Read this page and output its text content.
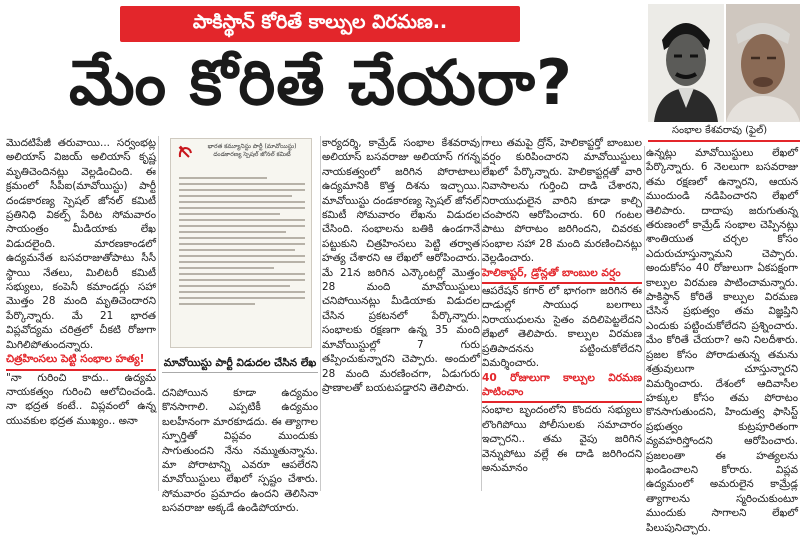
పాకిస్థాన్ కోరితే కాల్పుల విరమణ..
మేం కోరితే చేయరా?
సంభాల కేశవరావు (ఫైల్)

మొదటిపేజీ తరువాయి... సర్వంభట్ల అలియాస్ విజయ్ అలియాస్ కృష్ణ మృతిచెందినట్లు వెల్లడించింది. ఈ క్రమంలో సీపీఐ(మావోయిస్టు) పార్టీ దండకారణ్య స్పెషల్ జోనల్ కమిటీ ప్రతినిధి వికల్ప్ పేరిట సోమవారం సాయంత్రం మీడియాకు లేఖ విడుదలైంది. మారణకాండలో ఉద్యమనేత బసవరాజుతోపాటు సీసీ స్థాయి నేతలు, మిలిటరీ కమిటీ సభ్యులు, కంపెనీ కమాండర్లు సహా మొత్తం 28 మంది మృతిచెందారని పేర్కొన్నారు. మే 21 భారత విప్లవోద్యమ చరిత్రలో చీకటి రోజుగా మిగిలిపోతుందన్నారు.

చిత్రహింసలు పెట్టి సంభాల హత్య!

"నా గురించి కాదు.. ఉద్యమ నాయకత్వం గురించి ఆలోచించండి. నా భద్రత కంటే.. విప్లవంలో ఉన్న యువకుల భద్రత ముఖ్యం.. అనా

భారత కమ్యూనిస్టు పార్టీ (మావోయిస్టు) దండకారణ్య స్పెషల్ జోనల్ కమిటీ
మావోయిస్టు పార్టీ విడుదల చేసిన లేఖ

దనిపోయిన కూడా ఉద్యమం కొనసాగాలి. ఎప్పటికీ ఉద్యమం బలహీనంగా మారకూడదు. ఈ త్యాగాల స్ఫూర్తితో విప్లవం ముందుకు సాగుతుందని నేను నమ్ముతున్నాను. మా పోరాటాన్ని ఎవరూ ఆపలేరని మావోయిస్టులు లేఖలో స్పష్టం చేశారు. సోమవారం ప్రమాదం ఉందని తెలిసినా బసవరాజు అక్కడే ఉండిపోయారు.

కార్యదర్శి, కామ్రేడ్ సంభాల కేశవరావు అలియాస్ బసవరాజు అలియాస్ గగన్న నాయకత్వంలో జరిగిన పోరాటాలు ఉద్యమానికి కొత్త దిశను ఇచ్చాయి. మావోయిస్టు దండకారణ్య స్పెషల్ జోనల్ కమిటీ సోమవారం లేఖను విడుదల చేసింది. సంభాలను బతికి ఉండగానే పట్టుకుని చిత్రహింసలు పెట్టి తర్వాత హత్య చేశారని ఆ లేఖలో ఆరోపించారు. మే 21న జరిగిన ఎన్కౌంటర్లో మొత్తం 28 మంది మావోయిస్టులు చనిపోయినట్లు మీడియాకు విడుదల చేసిన ప్రకటనలో పేర్కొన్నారు. సంభాలకు రక్షణగా ఉన్న 35 మంది మావోయిస్టుల్లో 7 గురు తప్పించుకున్నారని చెప్పారు. అందులో 28 మంది మరణించగా, ఏడుగురు ప్రాణాలతో బయటపడ్డారని తెలిపారు.

గాలు తమపై ద్రోన్, హెలికాప్టర్తో బాంబుల వర్షం కురిపించారని మావోయిస్టులు లేఖలో పేర్కొన్నారు. హెలికాప్టర్లతో వారి నివాసాలను గుర్తించి దాడి చేశారని, నిరాయుధులైన వారిని కూడా కాల్చి చంపారని ఆరోపించారు. 60 గంటల పాటు పోరాటం జరిగిందని, చివరకు సంభాల సహా 28 మంది మరణించినట్లు వెల్లడించారు.

హెలికాప్టర్, డ్రోన్లతో బాంబుల వర్షం

ఆపరేషన్ కగార్ లో భాగంగా జరిగిన ఈ దాడుల్లో సాయుధ బలగాలు నిరాయుధులను సైతం వదిలిపెట్టలేదని లేఖలో తెలిపారు. కాల్పుల విరమణ ప్రతిపాదనను పట్టించుకోలేదని విమర్శించారు.

40 రోజులుగా కాల్పుల విరమణ పాటించాం

సంభాల బృందంలోని కొందరు సభ్యులు లొంగిపోయి పోలీసులకు సమాచారం ఇచ్చారని.. తమ వైపు జరిగిన వెన్నుపోటు వల్లే ఈ దాడి జరిగిందని అనుమానం

ఉన్నట్లు మావోయిస్టులు లేఖలో పేర్కొన్నారు. 6 నెలలుగా బసవరాజు తమ రక్షణలో ఉన్నారని, ఆయన ముందుండి నడిపించారని లేఖలో తెలిపారు. దాదాపు జరుగుతున్న తరుణంలో కామ్రేడ్ సంభాల చెప్పినట్లు శాంతియుత చర్చల కోసం ఎదురుచూస్తున్నామని చెప్పారు. అందుకోసం 40 రోజులుగా ఏకపక్షంగా కాల్పుల విరమణ పాటించామన్నారు. పాకిస్థాన్ కోరితే కాల్పుల విరమణ చేసిన ప్రభుత్వం తమ విజ్ఞప్తిని ఎందుకు పట్టించుకోలేదని ప్రశ్నించారు. మేం కోరితే చేయరా? అని నిలదీశారు. ప్రజల కోసం పోరాడుతున్న తమను శత్రువులుగా చూస్తున్నారని విమర్శించారు. దేశంలో ఆదివాసీల హక్కుల కోసం తమ పోరాటం కొనసాగుతుందని, హిందుత్వ ఫాసిస్ట్ ప్రభుత్వం కుట్రపూరితంగా వ్యవహరిస్తోందని ఆరోపించారు. ప్రజలంతా ఈ హత్యలను ఖండించాలని కోరారు. విప్లవ ఉద్యమంలో అమరులైన కామ్రేడ్ల త్యాగాలను స్మరించుకుంటూ ముందుకు సాగాలని లేఖలో పిలుపునిచ్చారు.
